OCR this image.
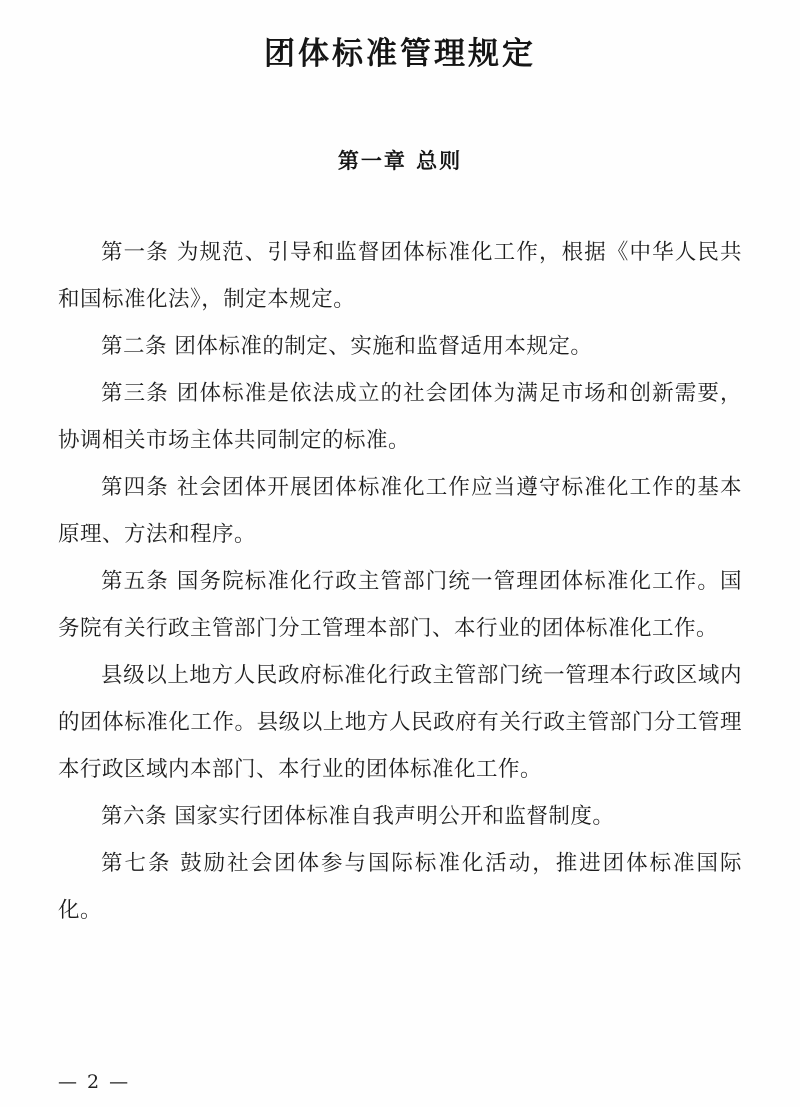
团体标准管理规定
第一章 总则

第一条 为规范、引导和监督团体标准化工作，根据《中华人民共和国标准化法》，制定本规定。

第二条 团体标准的制定、实施和监督适用本规定。

第三条 团体标准是依法成立的社会团体为满足市场和创新需要，协调相关市场主体共同制定的标准。

第四条 社会团体开展团体标准化工作应当遵守标准化工作的基本原理、方法和程序。

第五条 国务院标准化行政主管部门统一管理团体标准化工作。国务院有关行政主管部门分工管理本部门、本行业的团体标准化工作。

县级以上地方人民政府标准化行政主管部门统一管理本行政区域内的团体标准化工作。县级以上地方人民政府有关行政主管部门分工管理本行政区域内本部门、本行业的团体标准化工作。

第六条 国家实行团体标准自我声明公开和监督制度。

第七条 鼓励社会团体参与国际标准化活动，推进团体标准国际化。

— 2 —
